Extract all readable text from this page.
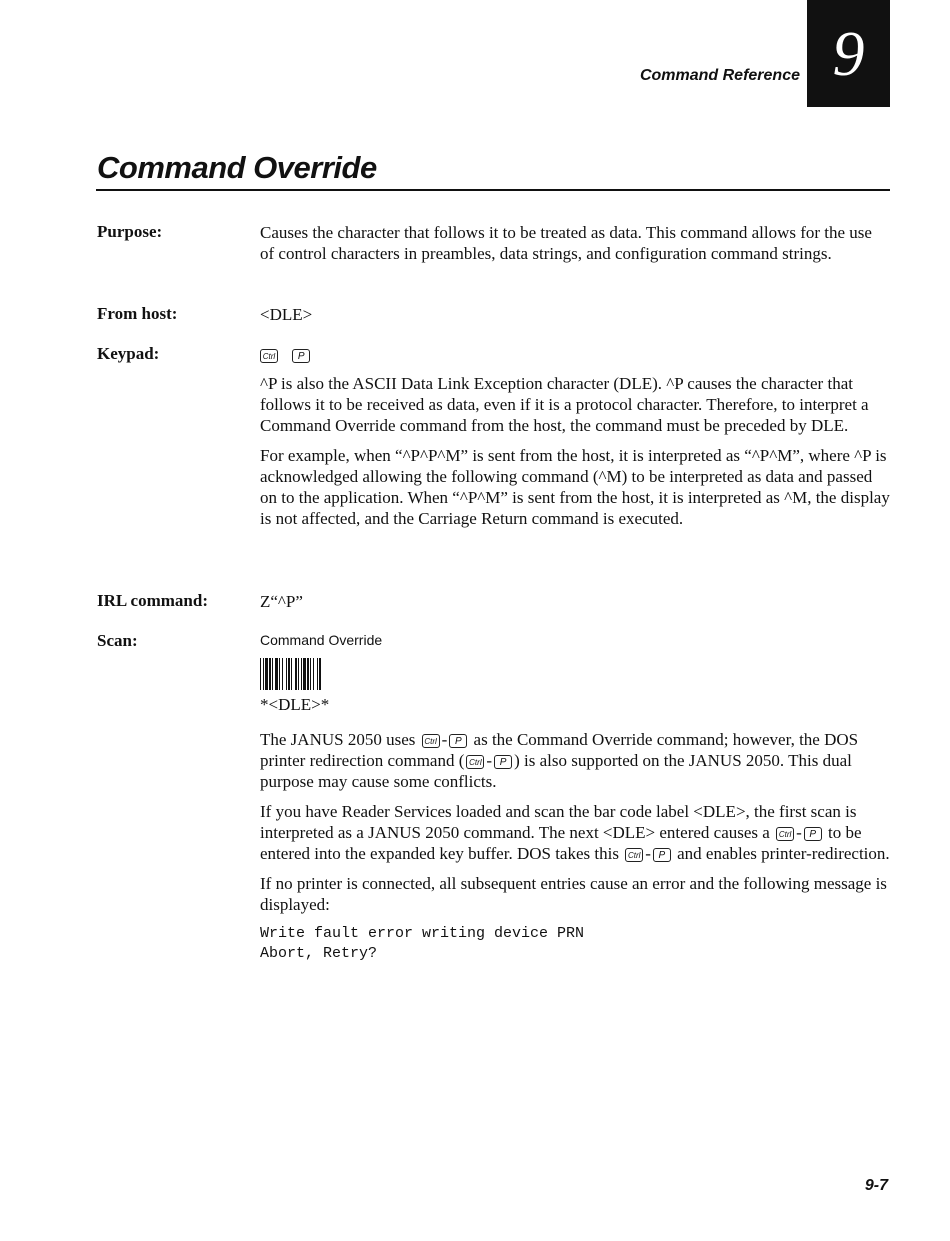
Command Reference 9
Command Override
Purpose:	Causes the character that follows it to be treated as data. This command allows for the use of control characters in preambles, data strings, and configuration command strings.

From host:	<DLE>
Keypad:	Ctrl P

^P is also the ASCII Data Link Exception character (DLE). ^P causes the character that follows it to be received as data, even if it is a protocol character. Therefore, to interpret a Command Override command from the host, the command must be preceded by DLE.

For example, when “^P^P^M” is sent from the host, it is interpreted as “^P^M”, where ^P is acknowledged allowing the following command (^M) to be interpreted as data and passed on to the application. When “^P^M” is sent from the host, it is interpreted as ^M, the display is not affected, and the Carriage Return command is executed.

IRL command:	Z“^P”
Scan:	Command Override

*<DLE>*

The JANUS 2050 uses Ctrl - P as the Command Override command; however, the DOS printer redirection command ( Ctrl - P ) is also supported on the JANUS 2050. This dual purpose may cause some conflicts.

If you have Reader Services loaded and scan the bar code label <DLE>, the first scan is interpreted as a JANUS 2050 command. The next <DLE> entered causes a Ctrl - P to be entered into the expanded key buffer. DOS takes this Ctrl - P and enables printer-redirection.

If no printer is connected, all subsequent entries cause an error and the following message is displayed:

Write fault error writing device PRN
Abort, Retry?
9-7
